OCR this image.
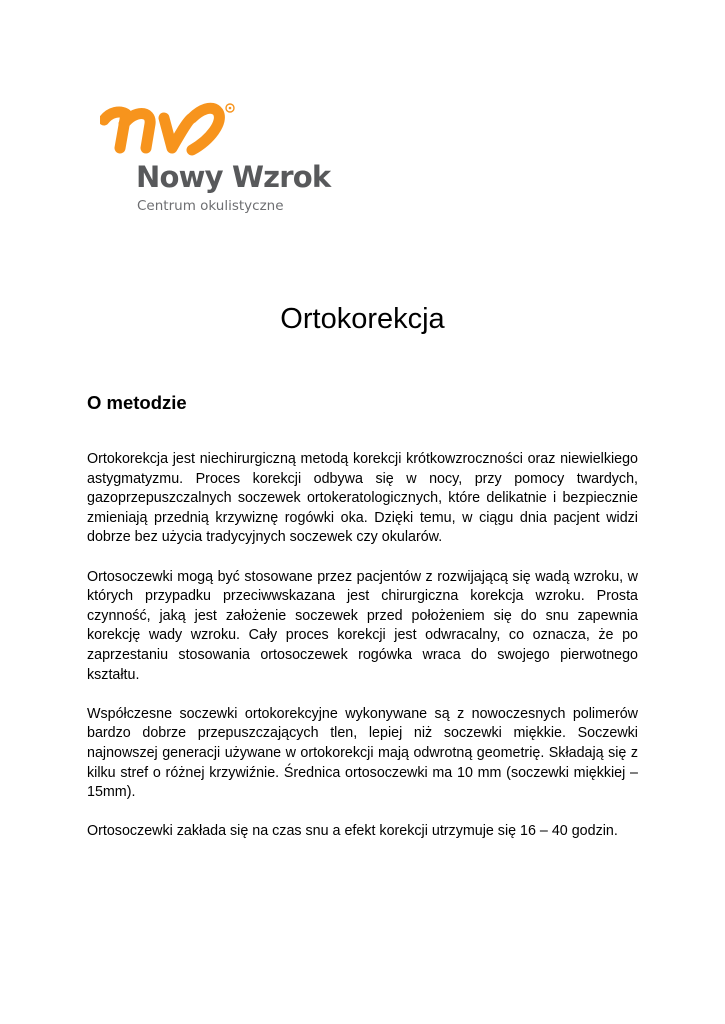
Nowy Wzrok
Centrum okulistyczne
Ortokorekcja
O metodzie

Ortokorekcja jest niechirurgiczną metodą korekcji krótkowzroczności oraz niewielkiego astygmatyzmu. Proces korekcji odbywa się w nocy, przy pomocy twardych, gazoprzepuszczalnych soczewek ortokeratologicznych, które delikatnie i bezpiecznie zmieniają przednią krzywiznę rogówki oka. Dzięki temu, w ciągu dnia pacjent widzi dobrze bez użycia tradycyjnych soczewek czy okularów.

Ortosoczewki mogą być stosowane przez pacjentów z rozwijającą się wadą wzroku, w których przypadku przeciwwskazana jest chirurgiczna korekcja wzroku. Prosta czynność, jaką jest założenie soczewek przed położeniem się do snu zapewnia korekcję wady wzroku. Cały proces korekcji jest odwracalny, co oznacza, że po zaprzestaniu stosowania ortosoczewek rogówka wraca do swojego pierwotnego kształtu.

Współczesne soczewki ortokorekcyjne wykonywane są z nowoczesnych polimerów bardzo dobrze przepuszczających tlen, lepiej niż soczewki miękkie. Soczewki najnowszej generacji używane w ortokorekcji mają odwrotną geometrię. Składają się z kilku stref o różnej krzywiźnie. Średnica ortosoczewki ma 10 mm (soczewki miękkiej – 15mm).

Ortosoczewki zakłada się na czas snu a efekt korekcji utrzymuje się 16 – 40 godzin.
